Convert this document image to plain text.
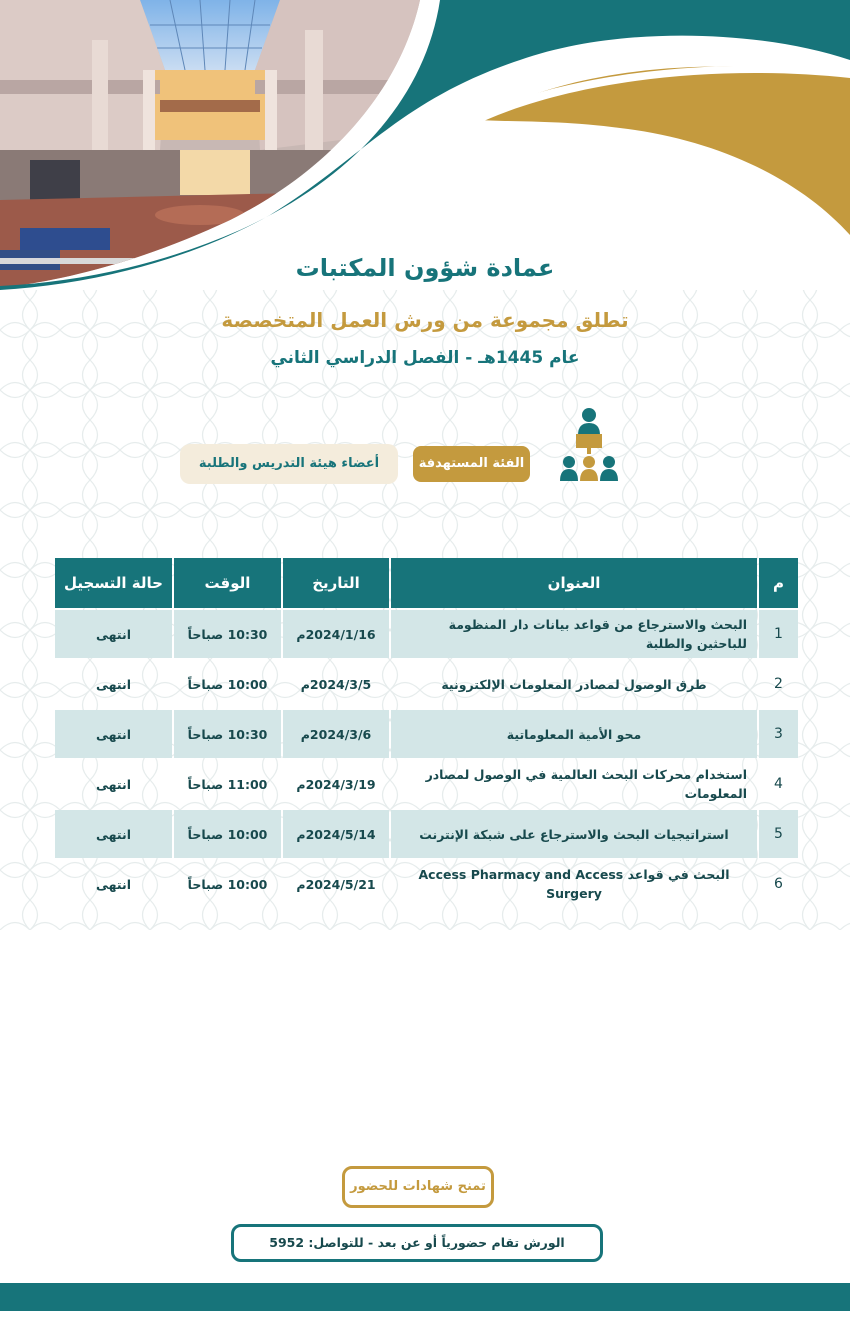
عمادة شؤون المكتبات
تطلق مجموعة من ورش العمل المتخصصة
عام 1445هـ - الفصل الدراسي الثاني
الفئة المستهدفة
أعضاء هيئة التدريس والطلبة
م	العنوان	التاريخ	الوقت	حالة التسجيل
1	البحث والاسترجاع من قواعد بيانات دار المنظومة للباحثين والطلبة	2024/1/16م	10:30 صباحاً	انتهى
2	طرق الوصول لمصادر المعلومات الإلكترونية	2024/3/5م	10:00 صباحاً	انتهى
3	محو الأمية المعلوماتية	2024/3/6م	10:30 صباحاً	انتهى
4	استخدام محركات البحث العالمية في الوصول لمصادر المعلومات	2024/3/19م	11:00 صباحاً	انتهى
5	استراتيجيات البحث والاسترجاع على شبكة الإنترنت	2024/5/14م	10:00 صباحاً	انتهى
6	البحث في قواعد Access Pharmacy and Access Surgery	2024/5/21م	10:00 صباحاً	انتهى
تمنح شهادات للحضور
الورش تقام حضورياً أو عن بعد - للتواصل: 5952
